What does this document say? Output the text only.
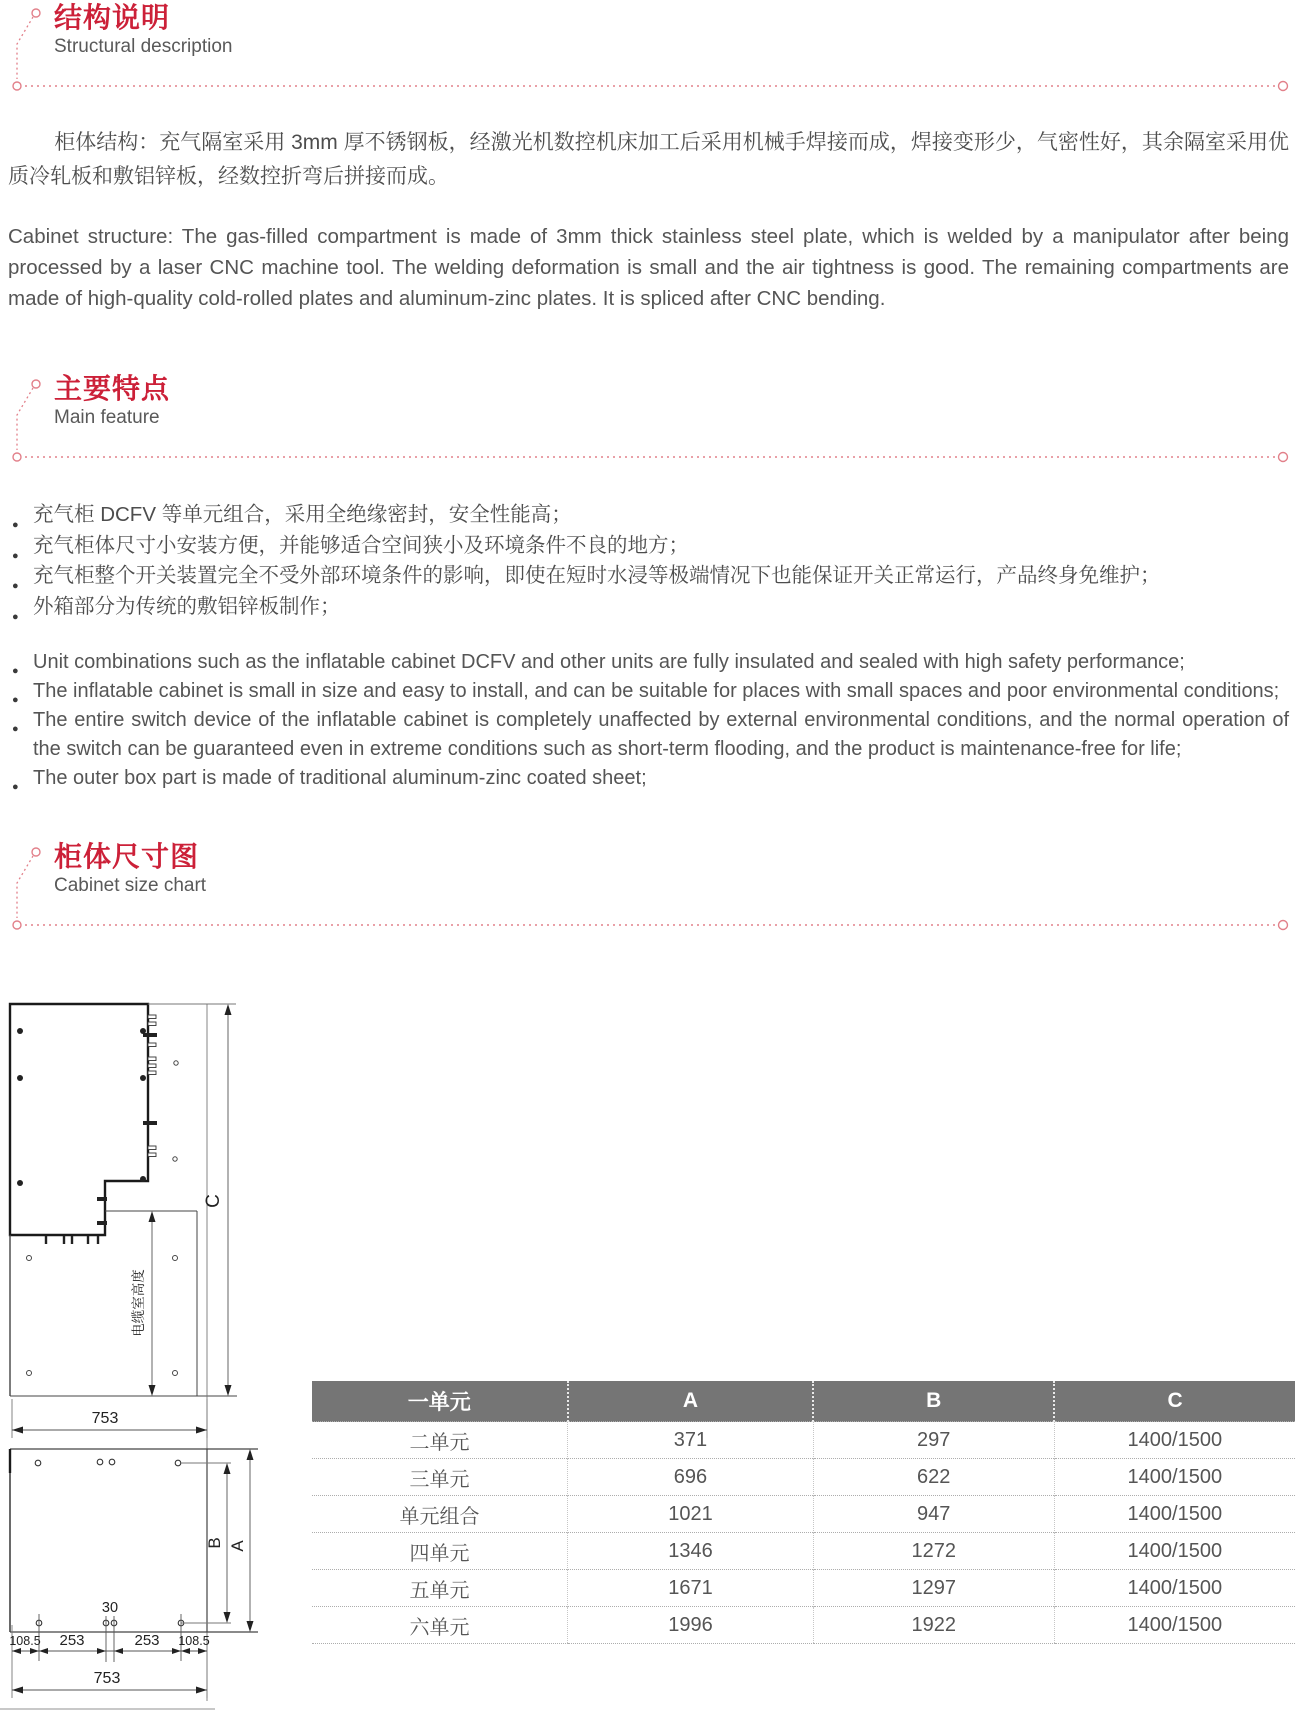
结构说明
Structural description

柜体结构：充气隔室采用 3mm 厚不锈钢板，经激光机数控机床加工后采用机械手焊接而成，焊接变形少，气密性好，其余隔室采用优质冷轧板和敷铝锌板，经数控折弯后拼接而成。

Cabinet structure: The gas-filled compartment is made of 3mm thick stainless steel plate, which is welded by a manipulator after being processed by a laser CNC machine tool. The welding deformation is small and the air tightness is good. The remaining compartments are made of high-quality cold-rolled plates and aluminum-zinc plates. It is spliced after CNC bending.

主要特点
Main feature
● 充气柜 DCFV 等单元组合，采用全绝缘密封，安全性能高；
● 充气柜体尺寸小安装方便，并能够适合空间狭小及环境条件不良的地方；
● 充气柜整个开关装置完全不受外部环境条件的影响，即使在短时水浸等极端情况下也能保证开关正常运行，产品终身免维护；
● 外箱部分为传统的敷铝锌板制作；
● Unit combinations such as the inflatable cabinet DCFV and other units are fully insulated and sealed with high safety performance;
● The inflatable cabinet is small in size and easy to install, and can be suitable for places with small spaces and poor environmental conditions;
● The entire switch device of the inflatable cabinet is completely unaffected by external environmental conditions, and the normal operation of the switch can be guaranteed even in extreme conditions such as short-term flooding, and the product is maintenance-free for life;
● The outer box part is made of traditional aluminum-zinc coated sheet;
柜体尺寸图
Cabinet size chart
C
电缆室高度
753
B A
30
108.5 253	253 108.5
753
一单元	A	B	C
二单元	371	297	1400/1500
三单元	696	622	1400/1500
单元组合	1021	947	1400/1500
四单元	1346	1272	1400/1500
五单元	1671	1297	1400/1500
六单元	1996	1922	1400/1500
